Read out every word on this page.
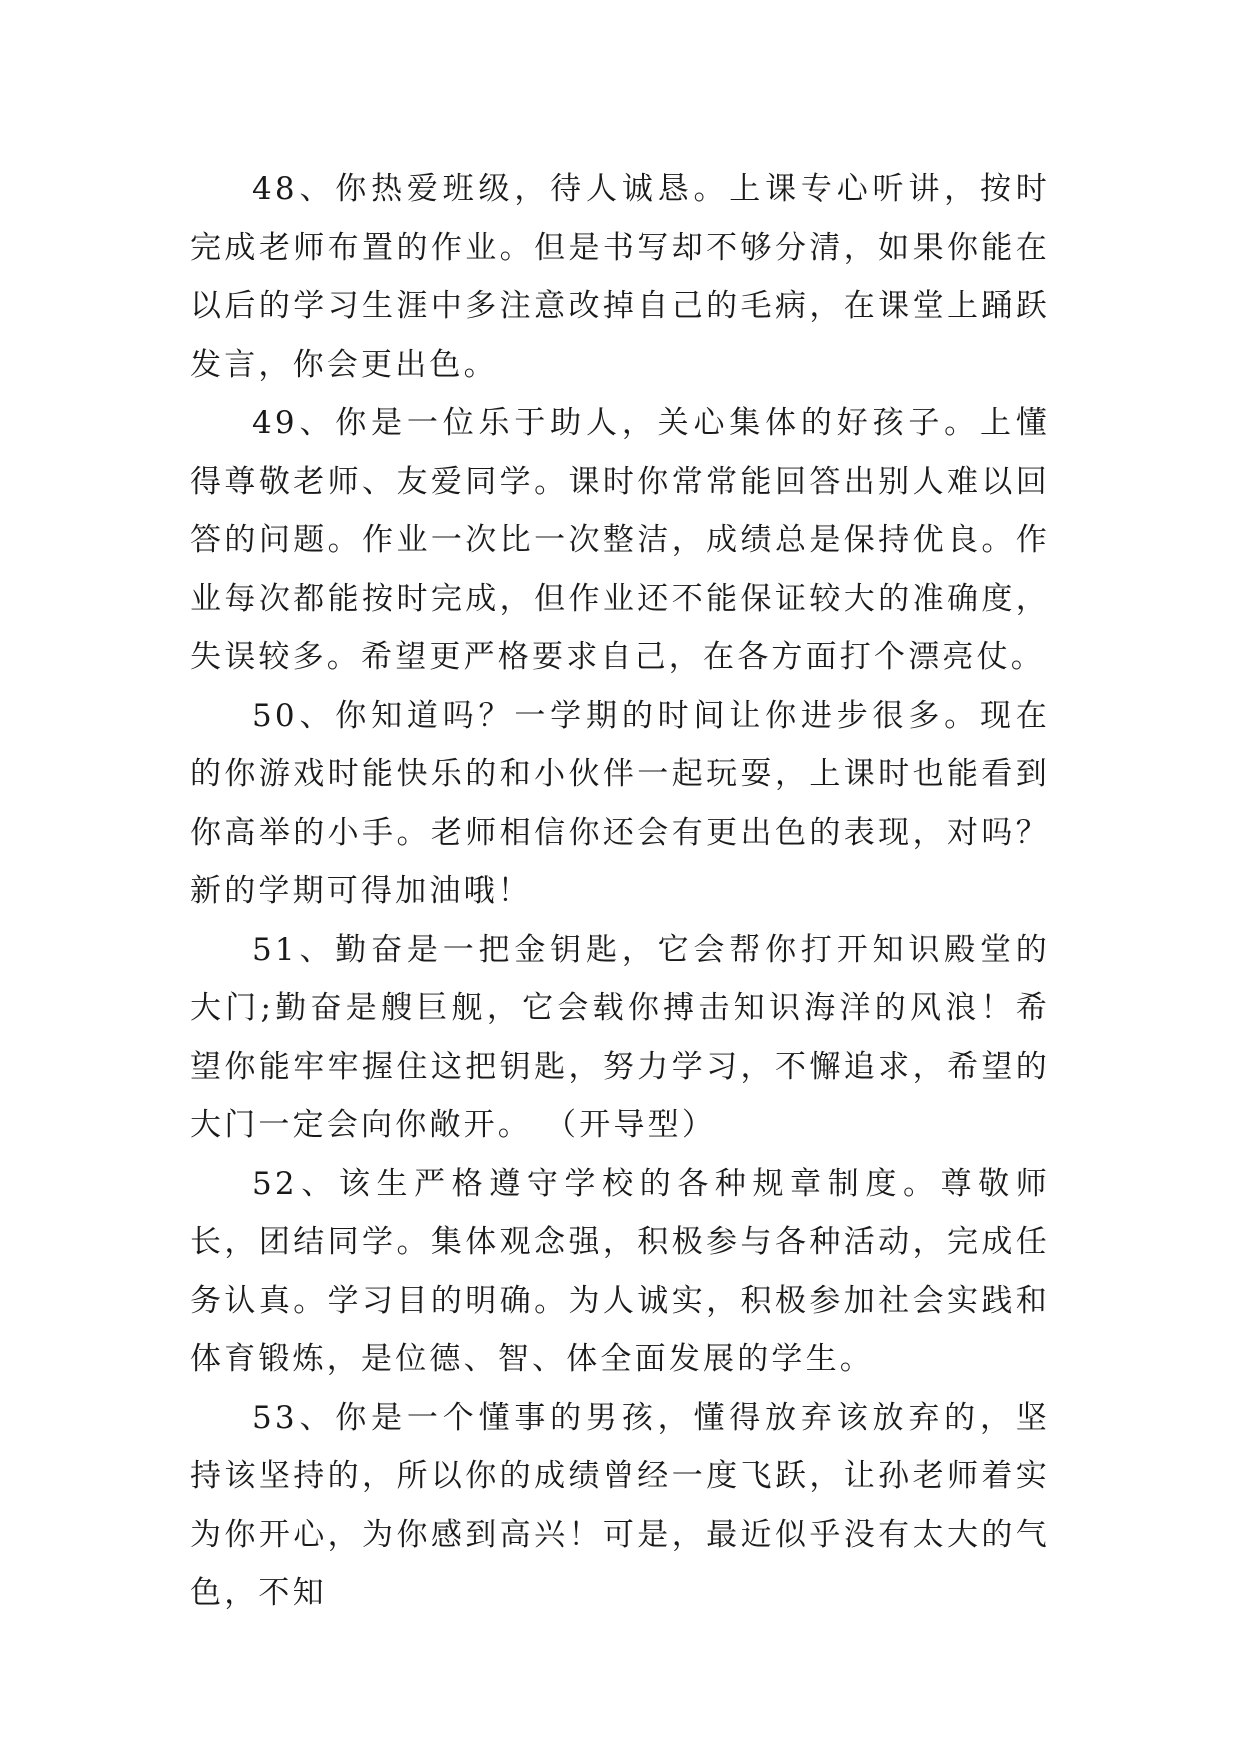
48、你热爱班级，待人诚恳。上课专心听讲，按时完成老师布置的作业。但是书写却不够分清，如果你能在以后的学习生涯中多注意改掉自己的毛病，在课堂上踊跃发言，你会更出色。

49、你是一位乐于助人，关心集体的好孩子。上懂得尊敬老师、友爱同学。课时你常常能回答出别人难以回答的问题。作业一次比一次整洁，成绩总是保持优良。作业每次都能按时完成，但作业还不能保证较大的准确度，失误较多。希望更严格要求自己，在各方面打个漂亮仗。

50、你知道吗？一学期的时间让你进步很多。现在的你游戏时能快乐的和小伙伴一起玩耍，上课时也能看到你高举的小手。老师相信你还会有更出色的表现，对吗？新的学期可得加油哦！

51、勤奋是一把金钥匙，它会帮你打开知识殿堂的大门;勤奋是艘巨舰，它会载你搏击知识海洋的风浪！希望你能牢牢握住这把钥匙，努力学习，不懈追求，希望的大门一定会向你敞开。 （开导型）

52、该生严格遵守学校的各种规章制度。尊敬师长，团结同学。集体观念强，积极参与各种活动，完成任务认真。学习目的明确。为人诚实，积极参加社会实践和体育锻炼，是位德、智、体全面发展的学生。

53、你是一个懂事的男孩，懂得放弃该放弃的，坚持该坚持的，所以你的成绩曾经一度飞跃，让孙老师着实为你开心，为你感到高兴！可是，最近似乎没有太大的气色，不知
